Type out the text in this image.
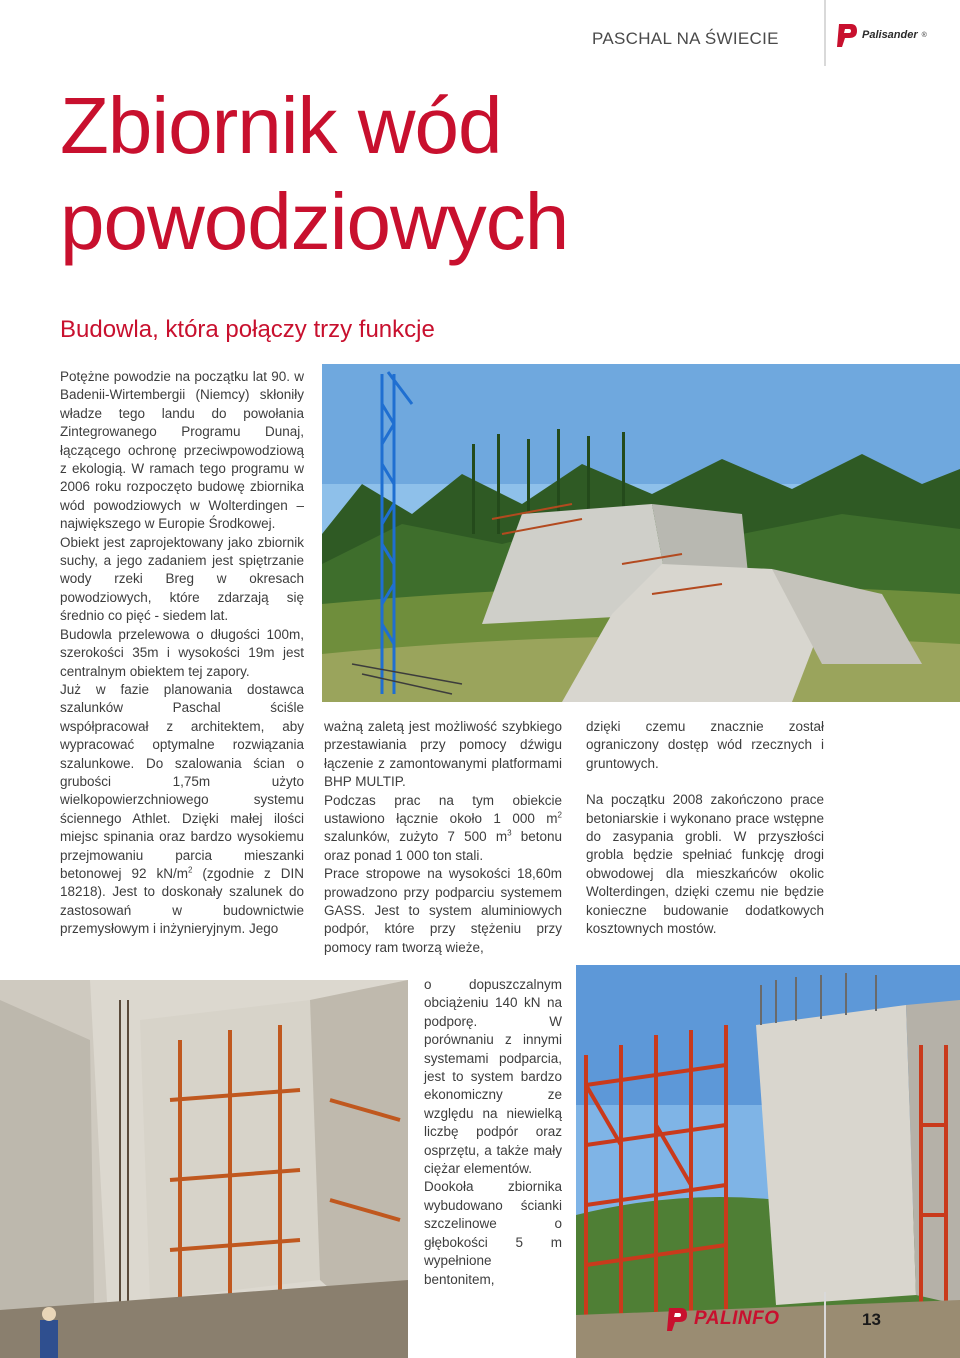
PASCHAL NA ŚWIECIE	Palisander ®
Zbiornik wód powodziowych
Budowla, która połączy trzy funkcje

Potężne powodzie na początku lat 90. w Badenii-Wirtembergii (Niemcy) skłoniły władze tego landu do powołania Zintegrowanego Programu Dunaj, łączącego ochronę przeciwpowodziową z ekologią. W ramach tego programu w 2006 roku rozpoczęto budowę zbiornika wód powodziowych w Wolterdingen – największego w Europie Środkowej.

Obiekt jest zaprojektowany jako zbiornik suchy, a jego zadaniem jest spiętrzanie wody rzeki Breg w okresach powodziowych, które zdarzają się średnio co pięć - siedem lat.

Budowla przelewowa o długości 100m, szerokości 35m i wysokości 19m jest centralnym obiektem tej zapory.

Już w fazie planowania dostawca szalunków Paschal ściśle współpracował z architektem, aby wypracować optymalne rozwiązania szalunkowe. Do szalowania ścian o grubości 1,75m użyto wielkopowierzchniowego systemu ściennego Athlet. Dzięki małej ilości miejsc spinania oraz bardzo wysokiemu przejmowaniu parcia mieszanki betonowej 92 $kN/m^2$ (zgodnie z DIN 18218). Jest to doskonały szalunek do zastosowań w budownictwie przemysłowym i inżynieryjnym. Jego

ważną zaletą jest możliwość szybkiego przestawiania przy pomocy dźwigu łączenie z zamontowanymi platformami BHP MULTIP.

Podczas prac na tym obiekcie ustawiono łącznie około 1 000 $m^2$ szalunków, zużyto 7 500 $m^3$ betonu oraz ponad 1 000 ton stali.

Prace stropowe na wysokości 18,60m prowadzono przy podparciu systemem GASS. Jest to system aluminiowych podpór, które przy stężeniu przy pomocy ram tworzą wieże,

o dopuszczalnym obciążeniu 140 kN na podporę. W porównaniu z innymi systemami podparcia, jest to system bardzo ekonomiczny ze względu na niewielką liczbę podpór oraz osprzętu, a także mały ciężar elementów.

Dookoła zbiornika wybudowano ścianki szczelinowe o głębokości 5 m wypełnione bentonitem,

dzięki czemu znacznie został ograniczony dostęp wód rzecznych i gruntowych.

Na początku 2008 zakończono prace betoniarskie i wykonano prace wstępne do zasypania grobli. W przyszłości grobla będzie spełniać funkcję drogi obwodowej dla mieszkańców okolic Wolterdingen, dzięki czemu nie będzie konieczne budowanie dodatkowych kosztownych mostów.

PALINFO	13
